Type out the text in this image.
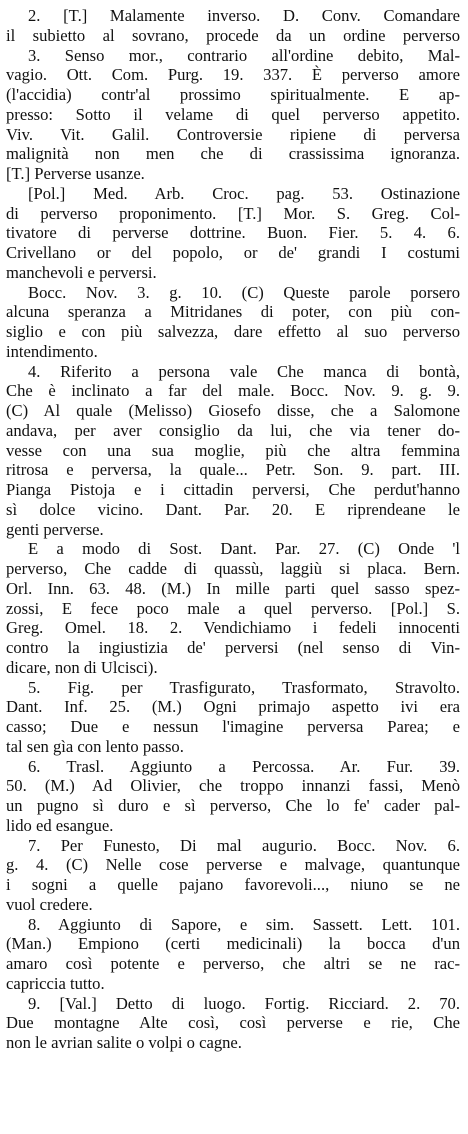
2. [T.] Malamente inverso. D. Conv. Comandare
il subietto al sovrano, procede da un ordine perverso
3. Senso mor., contrario all'ordine debito, Mal-
vagio. Ott. Com. Purg. 19. 337. È perverso amore
(l'accidia) contr'al prossimo spiritualmente. E ap-
presso: Sotto il velame di quel perverso appetito.
Viv. Vit. Galil. Controversie ripiene di perversa
malignità non men che di crassissima ignoranza.
[T.] Perverse usanze.
[Pol.] Med. Arb. Croc. pag. 53. Ostinazione
di perverso proponimento. [T.] Mor. S. Greg. Col-
tivatore di perverse dottrine. Buon. Fier. 5. 4. 6.
Crivellano or del popolo, or de' grandi I costumi
manchevoli e perversi.
Bocc. Nov. 3. g. 10. (C) Queste parole porsero
alcuna speranza a Mitridanes di poter, con più con-
siglio e con più salvezza, dare effetto al suo perverso
intendimento.
4. Riferito a persona vale Che manca di bontà,
Che è inclinato a far del male. Bocc. Nov. 9. g. 9.
(C) Al quale (Melisso) Giosefo disse, che a Salomone
andava, per aver consiglio da lui, che via tener do-
vesse con una sua moglie, più che altra femmina
ritrosa e perversa, la quale... Petr. Son. 9. part. III.
Pianga Pistoja e i cittadin perversi, Che perdut'hanno
sì dolce vicino. Dant. Par. 20. E riprendeane le
genti perverse.
E a modo di Sost. Dant. Par. 27. (C) Onde 'l
perverso, Che cadde di quassù, laggiù si placa. Bern.
Orl. Inn. 63. 48. (M.) In mille parti quel sasso spez-
zossi, E fece poco male a quel perverso. [Pol.] S.
Greg. Omel. 18. 2. Vendichiamo i fedeli innocenti
contro la ingiustizia de' perversi (nel senso di Vin-
dicare, non di Ulcisci).
5. Fig. per Trasfigurato, Trasformato, Stravolto.
Dant. Inf. 25. (M.) Ogni primajo aspetto ivi era
casso; Due e nessun l'imagine perversa Parea; e
tal sen gìa con lento passo.
6. Trasl. Aggiunto a Percossa. Ar. Fur. 39.
50. (M.) Ad Olivier, che troppo innanzi fassi, Menò
un pugno sì duro e sì perverso, Che lo fe' cader pal-
lido ed esangue.
7. Per Funesto, Di mal augurio. Bocc. Nov. 6.
g. 4. (C) Nelle cose perverse e malvage, quantunque
i sogni a quelle pajano favorevoli..., niuno se ne
vuol credere.
8. Aggiunto di Sapore, e sim. Sassett. Lett. 101.
(Man.) Empiono (certi medicinali) la bocca d'un
amaro così potente e perverso, che altri se ne rac-
capriccia tutto.
9. [Val.] Detto di luogo. Fortig. Ricciard. 2. 70.
Due montagne Alte così, così perverse e rie, Che
non le avrian salite o volpi o cagne.
